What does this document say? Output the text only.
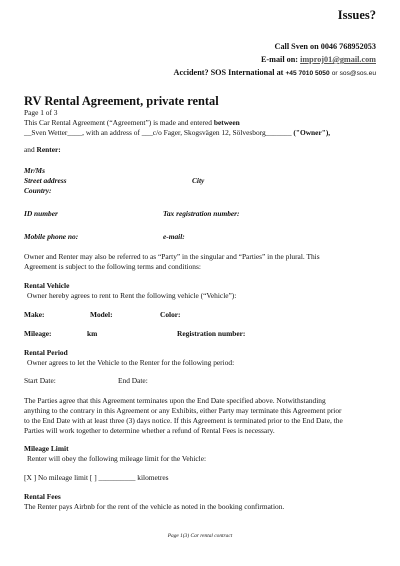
Issues?
Call Sven on 0046 768952053
E-mail on: improj01@gmail.com
Accident? SOS International at +45 7010 5050 or sos@sos.eu
RV Rental Agreement, private rental
Page 1 of 3
This Car Rental Agreement (“Agreement”) is made and entered between
__Sven Wetter____, with an address of ___c/o Fager, Skogsvägen 12, Sölvesborg_______ ("Owner"),
and Renter:
Mr/Ms
Street address	City
Country:
ID number	Tax registration number:
Mobile phone no:	e-mail:
Owner and Renter may also be referred to as “Party” in the singular and “Parties” in the plural. This
Agreement is subject to the following terms and conditions:
Rental Vehicle
Owner hereby agrees to rent to Rent the following vehicle (“Vehicle”):
Make:	Model:	Color:
Mileage:	km	Registration number:
Rental Period
Owner agrees to let the Vehicle to the Renter for the following period:
Start Date:	End Date:
The Parties agree that this Agreement terminates upon the End Date specified above. Notwithstanding
anything to the contrary in this Agreement or any Exhibits, either Party may terminate this Agreement prior
to the End Date with at least three (3) days notice. If this Agreement is terminated prior to the End Date, the
Parties will work together to determine whether a refund of Rental Fees is necessary.
Mileage Limit
Renter will obey the following mileage limit for the Vehicle:
[X ] No mileage limit [ ] __________ kilometres
Rental Fees
The Renter pays Airbnb for the rent of the vehicle as noted in the booking confirmation.
Page 1(3) Car rental contract
